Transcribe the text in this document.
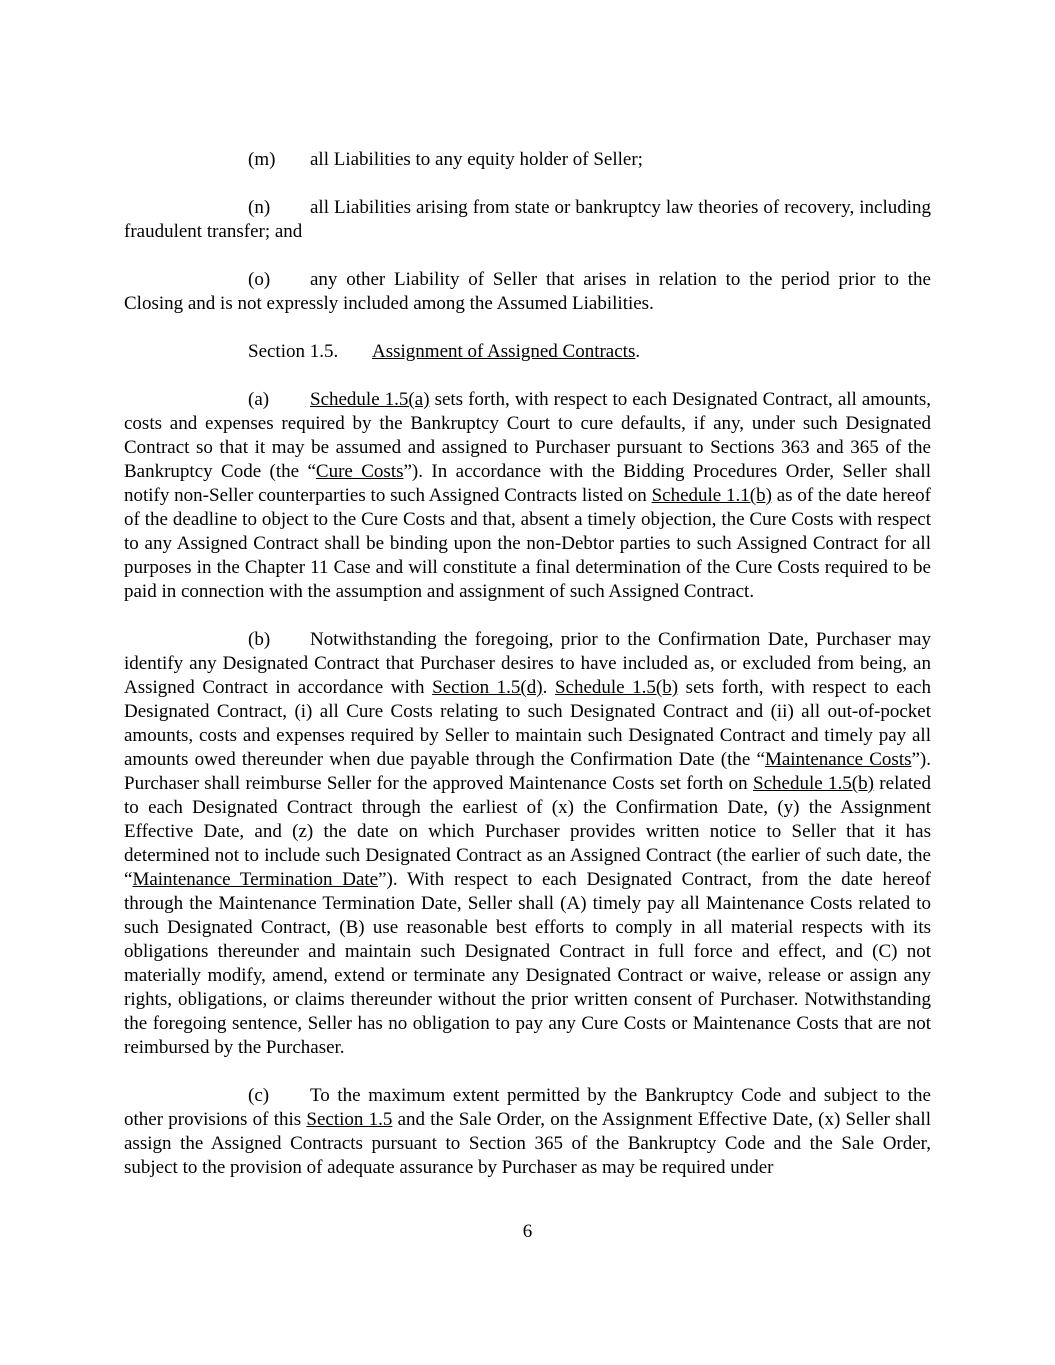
(m) all Liabilities to any equity holder of Seller;

(n) all Liabilities arising from state or bankruptcy law theories of recovery, including fraudulent transfer; and

(o) any other Liability of Seller that arises in relation to the period prior to the Closing and is not expressly included among the Assumed Liabilities.

Section 1.5. Assignment of Assigned Contracts.

(a) Schedule 1.5(a) sets forth, with respect to each Designated Contract, all amounts, costs and expenses required by the Bankruptcy Court to cure defaults, if any, under such Designated Contract so that it may be assumed and assigned to Purchaser pursuant to Sections 363 and 365 of the Bankruptcy Code (the “Cure Costs”). In accordance with the Bidding Procedures Order, Seller shall notify non-Seller counterparties to such Assigned Contracts listed on Schedule 1.1(b) as of the date hereof of the deadline to object to the Cure Costs and that, absent a timely objection, the Cure Costs with respect to any Assigned Contract shall be binding upon the non-Debtor parties to such Assigned Contract for all purposes in the Chapter 11 Case and will constitute a final determination of the Cure Costs required to be paid in connection with the assumption and assignment of such Assigned Contract.

(b) Notwithstanding the foregoing, prior to the Confirmation Date, Purchaser may identify any Designated Contract that Purchaser desires to have included as, or excluded from being, an Assigned Contract in accordance with Section 1.5(d). Schedule 1.5(b) sets forth, with respect to each Designated Contract, (i) all Cure Costs relating to such Designated Contract and (ii) all out-of-pocket amounts, costs and expenses required by Seller to maintain such Designated Contract and timely pay all amounts owed thereunder when due payable through the Confirmation Date (the “Maintenance Costs”). Purchaser shall reimburse Seller for the approved Maintenance Costs set forth on Schedule 1.5(b) related to each Designated Contract through the earliest of (x) the Confirmation Date, (y) the Assignment Effective Date, and (z) the date on which Purchaser provides written notice to Seller that it has determined not to include such Designated Contract as an Assigned Contract (the earlier of such date, the “Maintenance Termination Date”). With respect to each Designated Contract, from the date hereof through the Maintenance Termination Date, Seller shall (A) timely pay all Maintenance Costs related to such Designated Contract, (B) use reasonable best efforts to comply in all material respects with its obligations thereunder and maintain such Designated Contract in full force and effect, and (C) not materially modify, amend, extend or terminate any Designated Contract or waive, release or assign any rights, obligations, or claims thereunder without the prior written consent of Purchaser. Notwithstanding the foregoing sentence, Seller has no obligation to pay any Cure Costs or Maintenance Costs that are not reimbursed by the Purchaser.

(c) To the maximum extent permitted by the Bankruptcy Code and subject to the other provisions of this Section 1.5 and the Sale Order, on the Assignment Effective Date, (x) Seller shall assign the Assigned Contracts pursuant to Section 365 of the Bankruptcy Code and the Sale Order, subject to the provision of adequate assurance by Purchaser as may be required under

6
